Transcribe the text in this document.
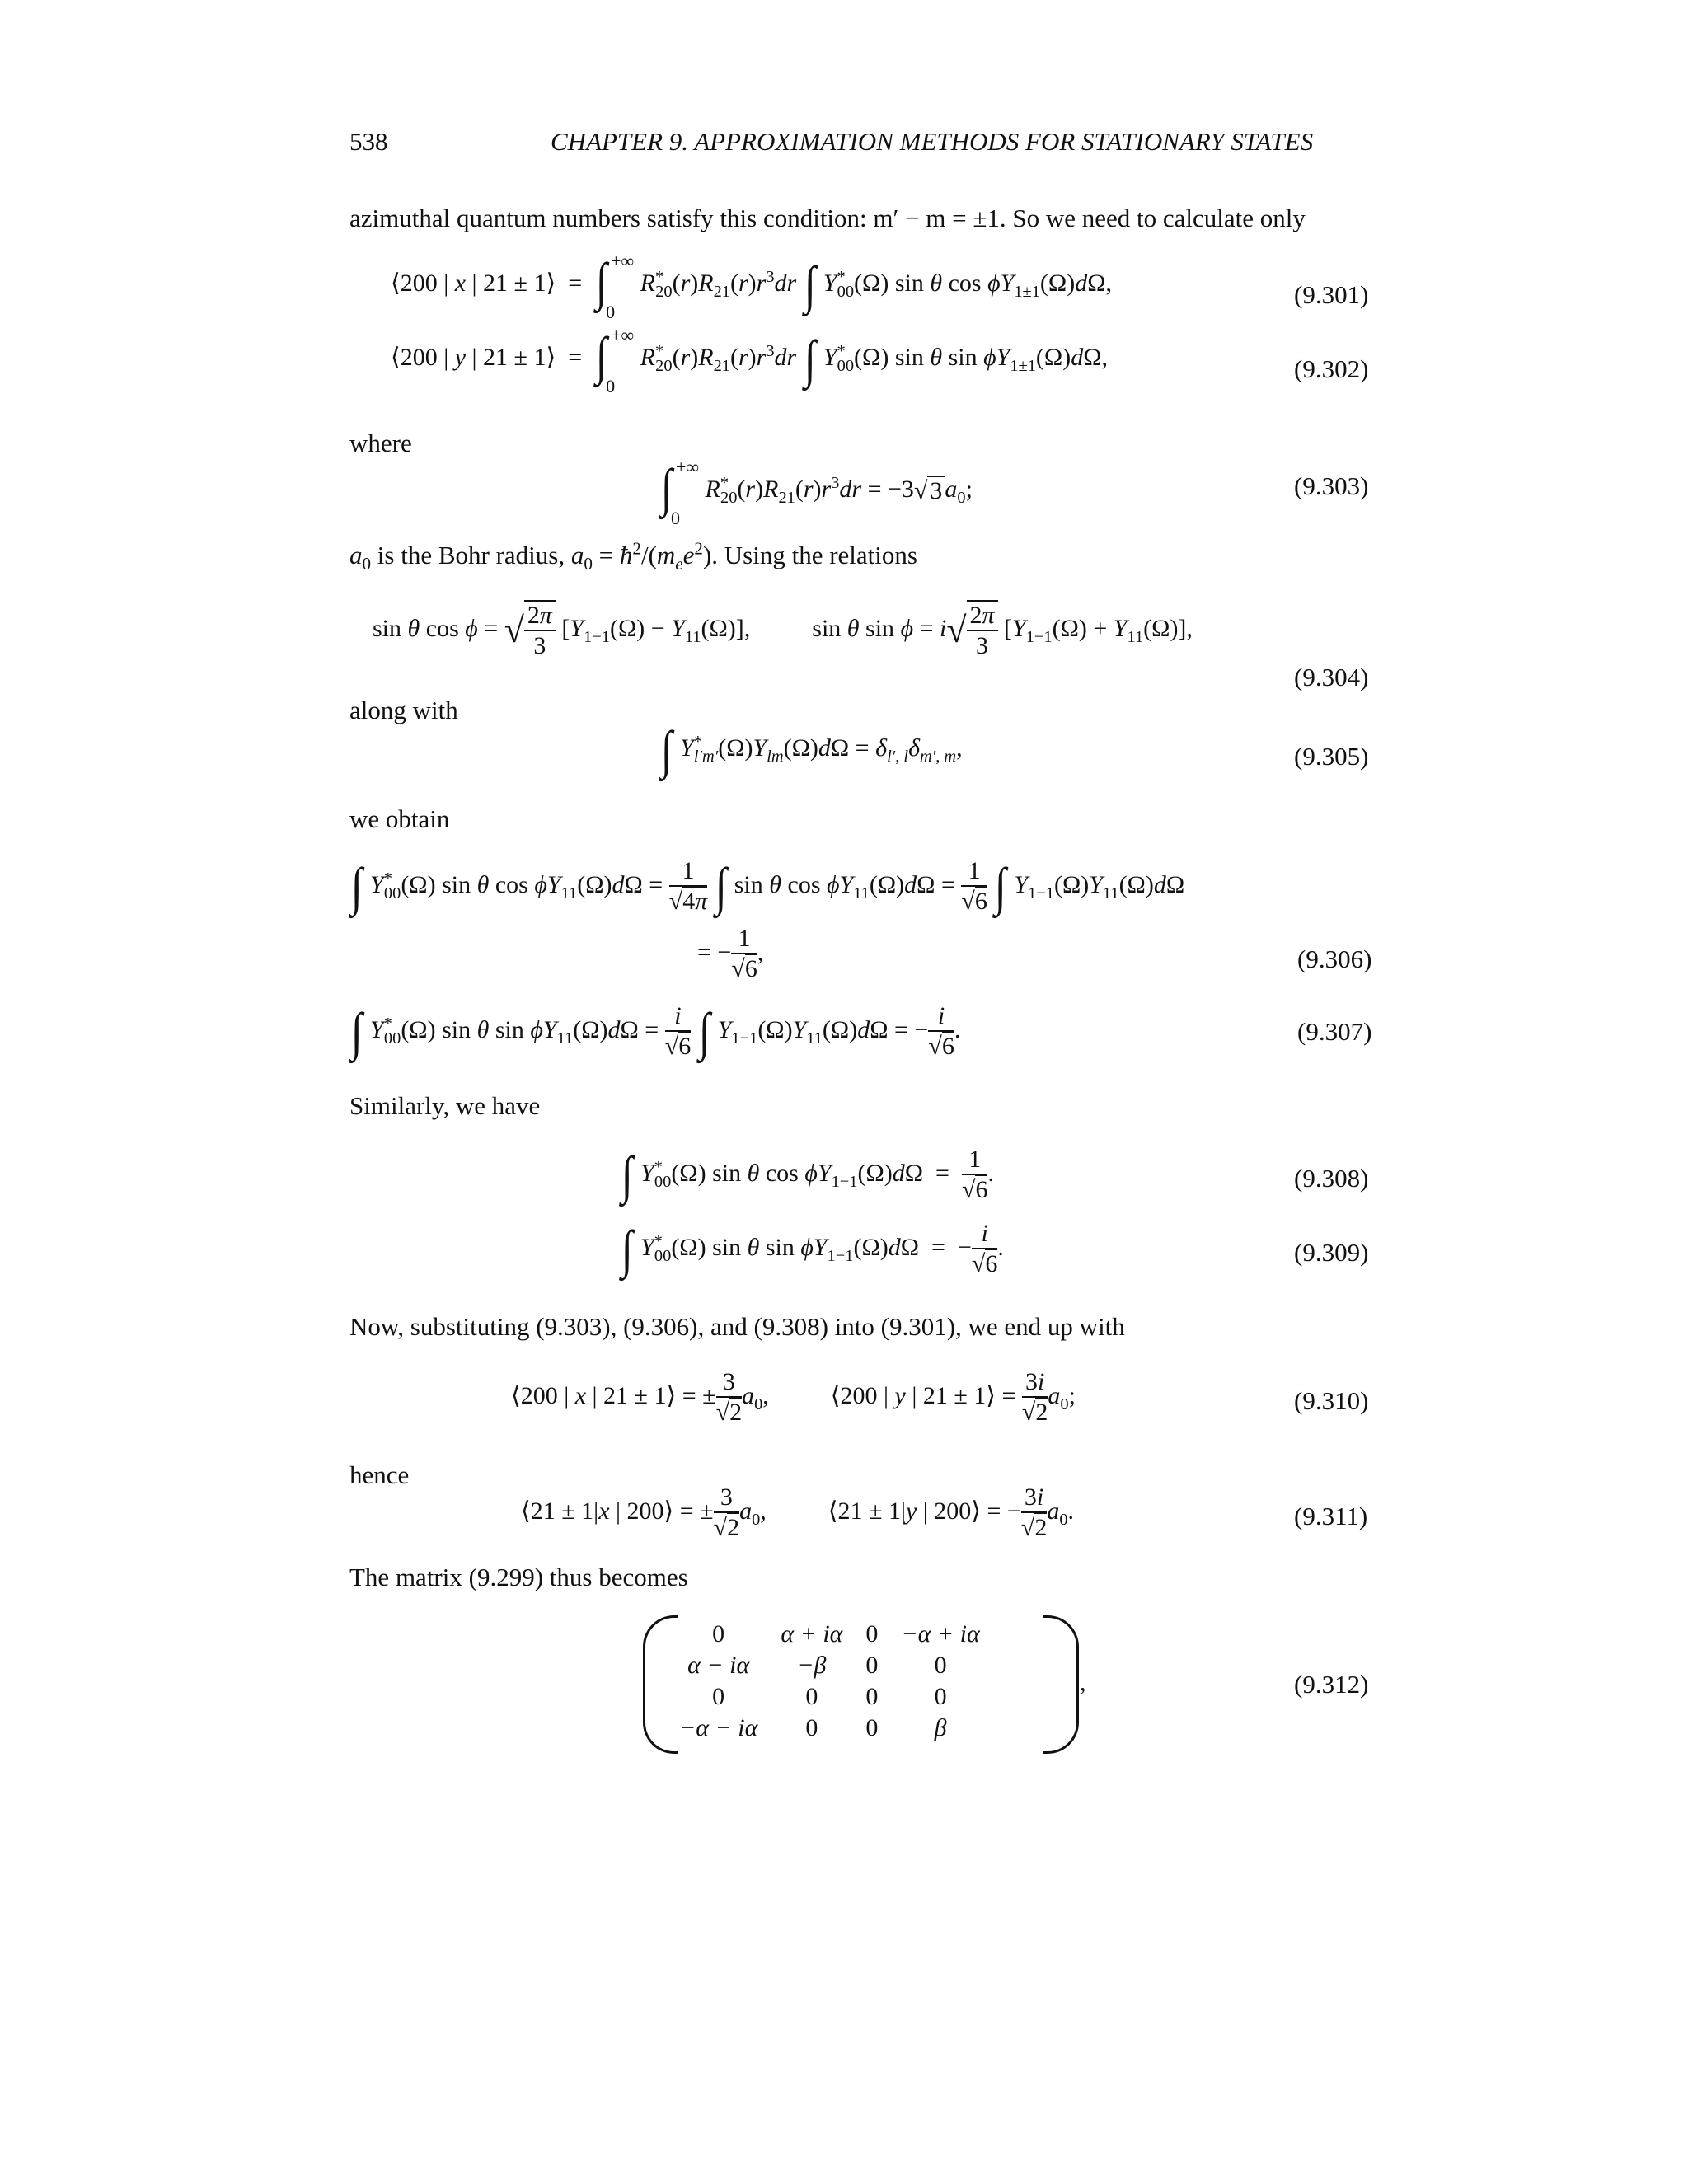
538	CHAPTER 9. APPROXIMATION METHODS FOR STATIONARY STATES
azimuthal quantum numbers satisfy this condition: m′ − m = ±1. So we need to calculate only
⟨200 | x | 21 ± 1⟩  = ∫ +∞
0
$R^*_{20}(r)R_{21}(r)r^3dr$ ∫ $Y^*_{00}(\Omega)$ sin θ $\cos \phi Y_{1\pm 1}(\Omega)d\Omega$,	(9.301)
⟨200 | y | 21 ± 1⟩  = ∫ +∞
0
$R^*_{20}(r)R_{21}(r)r^3dr$ ∫ $Y^*_{00}(\Omega)$ sin θ $\sin \phi Y_{1\pm 1}(\Omega)d\Omega$,	(9.302)
where
∫ +∞
0
$R^*_{20}(r)R_{21}(r)r^3dr = -3√$ 3 $a_0$;	(9.303)
$a_0$ is the Bohr radius, $a_0$ = $ħ^2/(m_ee^2)$. Using the relations
sin θ cos ϕ = √ $\frac{2\pi}{3} [Y_{1-1}(\Omega) - Y_{11}(\Omega)]$,          sin θ $\sin \phi = i√ \frac{2\pi}{3} [Y_{1-1}(\Omega) + Y_{11}(\Omega)]$,
(9.304)
along with
∫ $Y^*_{l'm'}(\Omega)Y_{lm}(\Omega)d\Omega = \delta_{l', l}\delta_{m', m}$,	(9.305)
we obtain
∫ $Y^*_{00}(\Omega)$ sin θ $\cos \phi Y_{11}(\Omega)d\Omega = \frac{1}{√4\pi}$ ∫ sin θ $\cos \phi Y_{11}(\Omega)d\Omega = \frac{1}{√6}$ ∫ $Y_{1-1}(\Omega)Y_{11}(\Omega)d\Omega$
= − $\frac{1}{√6}$ ,	(9.306)
∫ $Y^*_{00}(\Omega)$ sin θ $\sin \phi Y_{11}(\Omega)d\Omega = \frac{i}{√6}$ ∫ $Y_{1-1}(\Omega)Y_{11}(\Omega)d\Omega$ = − $\frac{i}{√6}$ .	(9.307)
Similarly, we have
∫ $Y^*_{00}(\Omega)$ sin θ $\cos \phi Y_{1-1}(\Omega)d\Omega = \frac{1}{√6}$ .	(9.308)
∫ $Y^*_{00}(\Omega)$ sin θ $\sin \phi Y_{1-1}(\Omega)d\Omega$  =  − $\frac{i}{√6}$ .	(9.309)
Now, substituting (9.303), (9.306), and (9.308) into (9.301), we end up with
⟨200 | x | 21 ± 1⟩ = ± $\frac{3}{√2} a_0$,          ⟨200 | y | 21 ± 1⟩ = $\frac{3i}{√2} a_0$;	(9.310)
hence
⟨21 ± 1|x | 200⟩ = ± $\frac{3}{√2} a_0$,          ⟨21 ± 1|y | 200⟩ = − $\frac{3i}{√2} a_0$.	(9.311)
The matrix (9.299) thus becomes
0	α + iα	0	−α + iα
α − iα	−β	0	0
0	0	0	0
−α − iα	0	0	β
,	(9.312)
